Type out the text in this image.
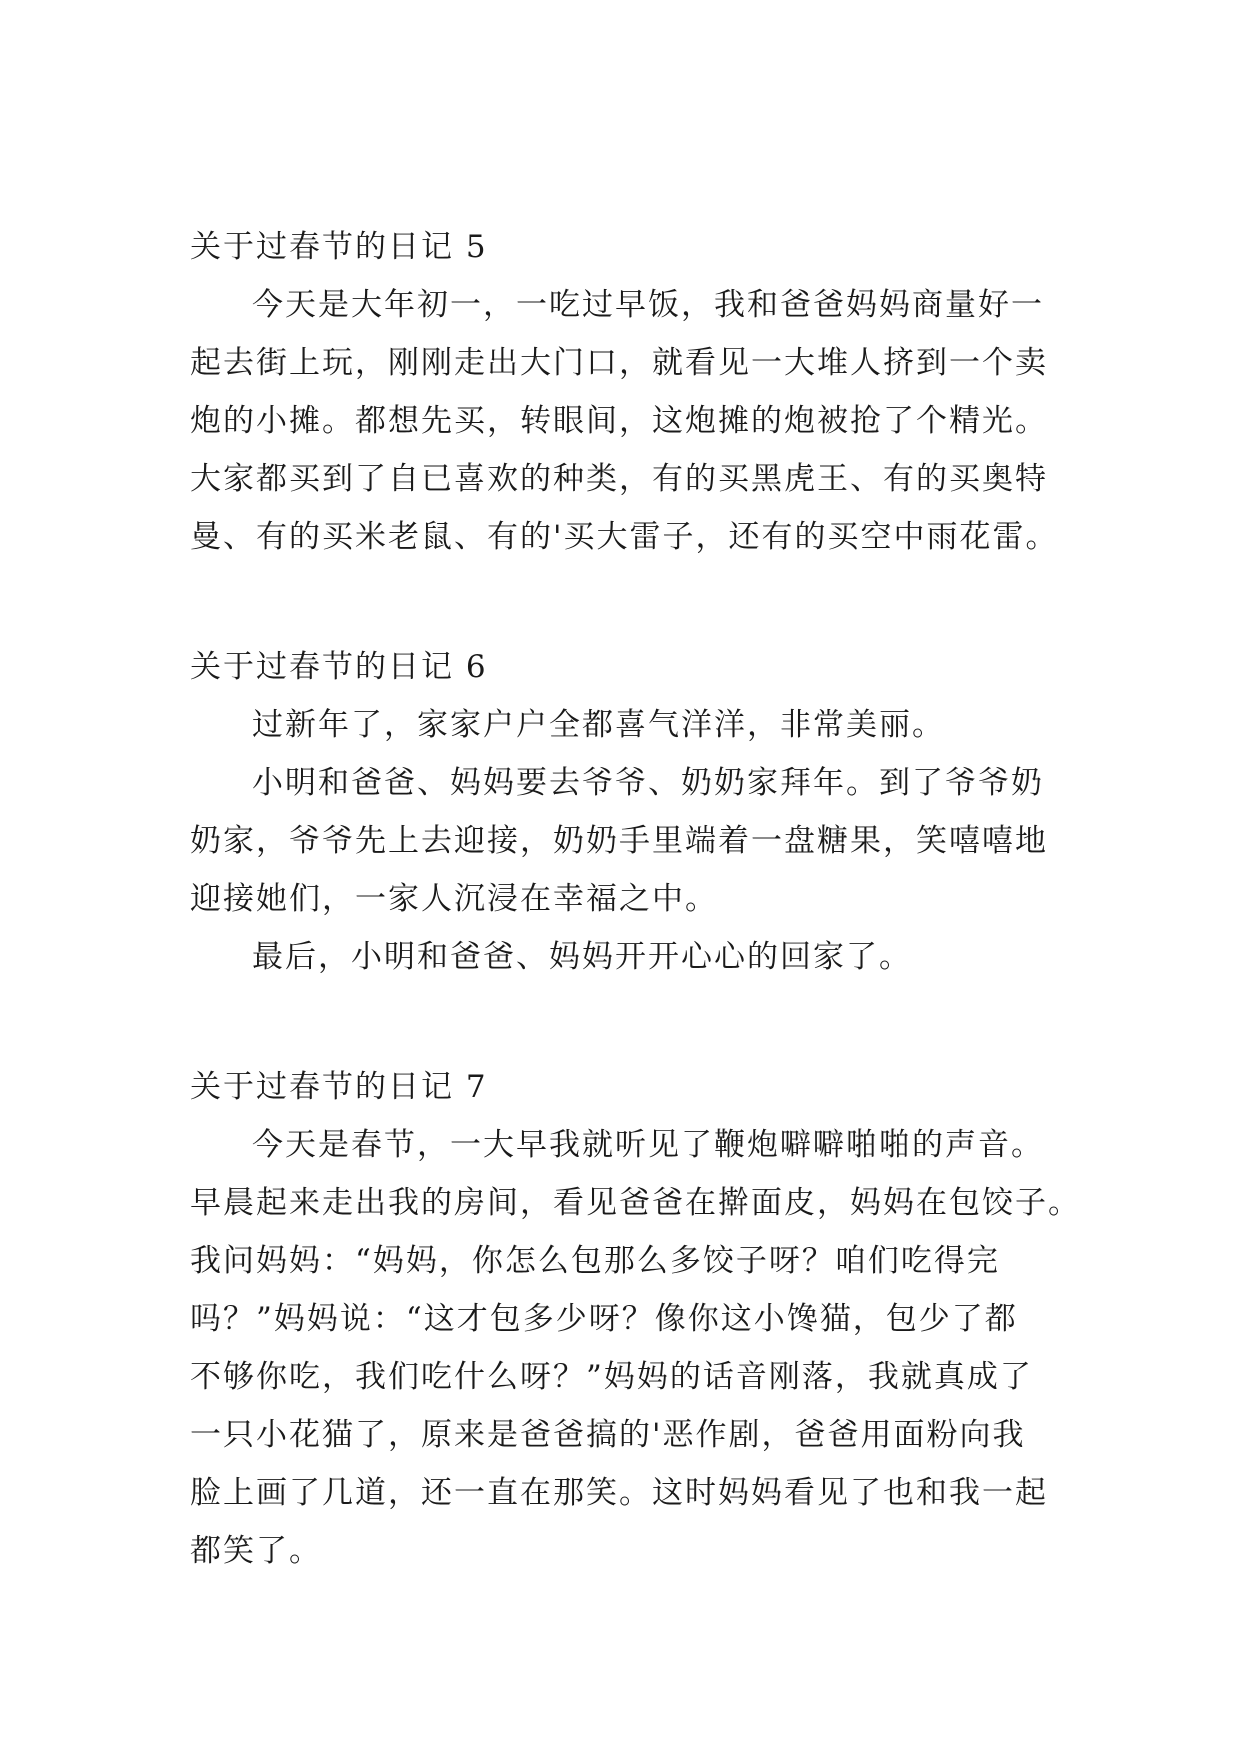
关于过春节的日记 5
今天是大年初一，一吃过早饭，我和爸爸妈妈商量好一
起去街上玩，刚刚走出大门口，就看见一大堆人挤到一个卖
炮的小摊。都想先买，转眼间，这炮摊的炮被抢了个精光。
大家都买到了自已喜欢的种类，有的买黑虎王、有的买奥特
曼、有的买米老鼠、有的'买大雷子，还有的买空中雨花雷。
关于过春节的日记 6
过新年了，家家户户全都喜气洋洋，非常美丽。
小明和爸爸、妈妈要去爷爷、奶奶家拜年。到了爷爷奶
奶家，爷爷先上去迎接，奶奶手里端着一盘糖果，笑嘻嘻地
迎接她们，一家人沉浸在幸福之中。
最后，小明和爸爸、妈妈开开心心的回家了。
关于过春节的日记 7
今天是春节，一大早我就听见了鞭炮噼噼啪啪的声音。
早晨起来走出我的房间，看见爸爸在擀面皮，妈妈在包饺子。
我问妈妈：“妈妈，你怎么包那么多饺子呀？咱们吃得完
吗？”妈妈说：“这才包多少呀？像你这小馋猫，包少了都
不够你吃，我们吃什么呀？”妈妈的话音刚落，我就真成了
一只小花猫了，原来是爸爸搞的'恶作剧，爸爸用面粉向我
脸上画了几道，还一直在那笑。这时妈妈看见了也和我一起
都笑了。
